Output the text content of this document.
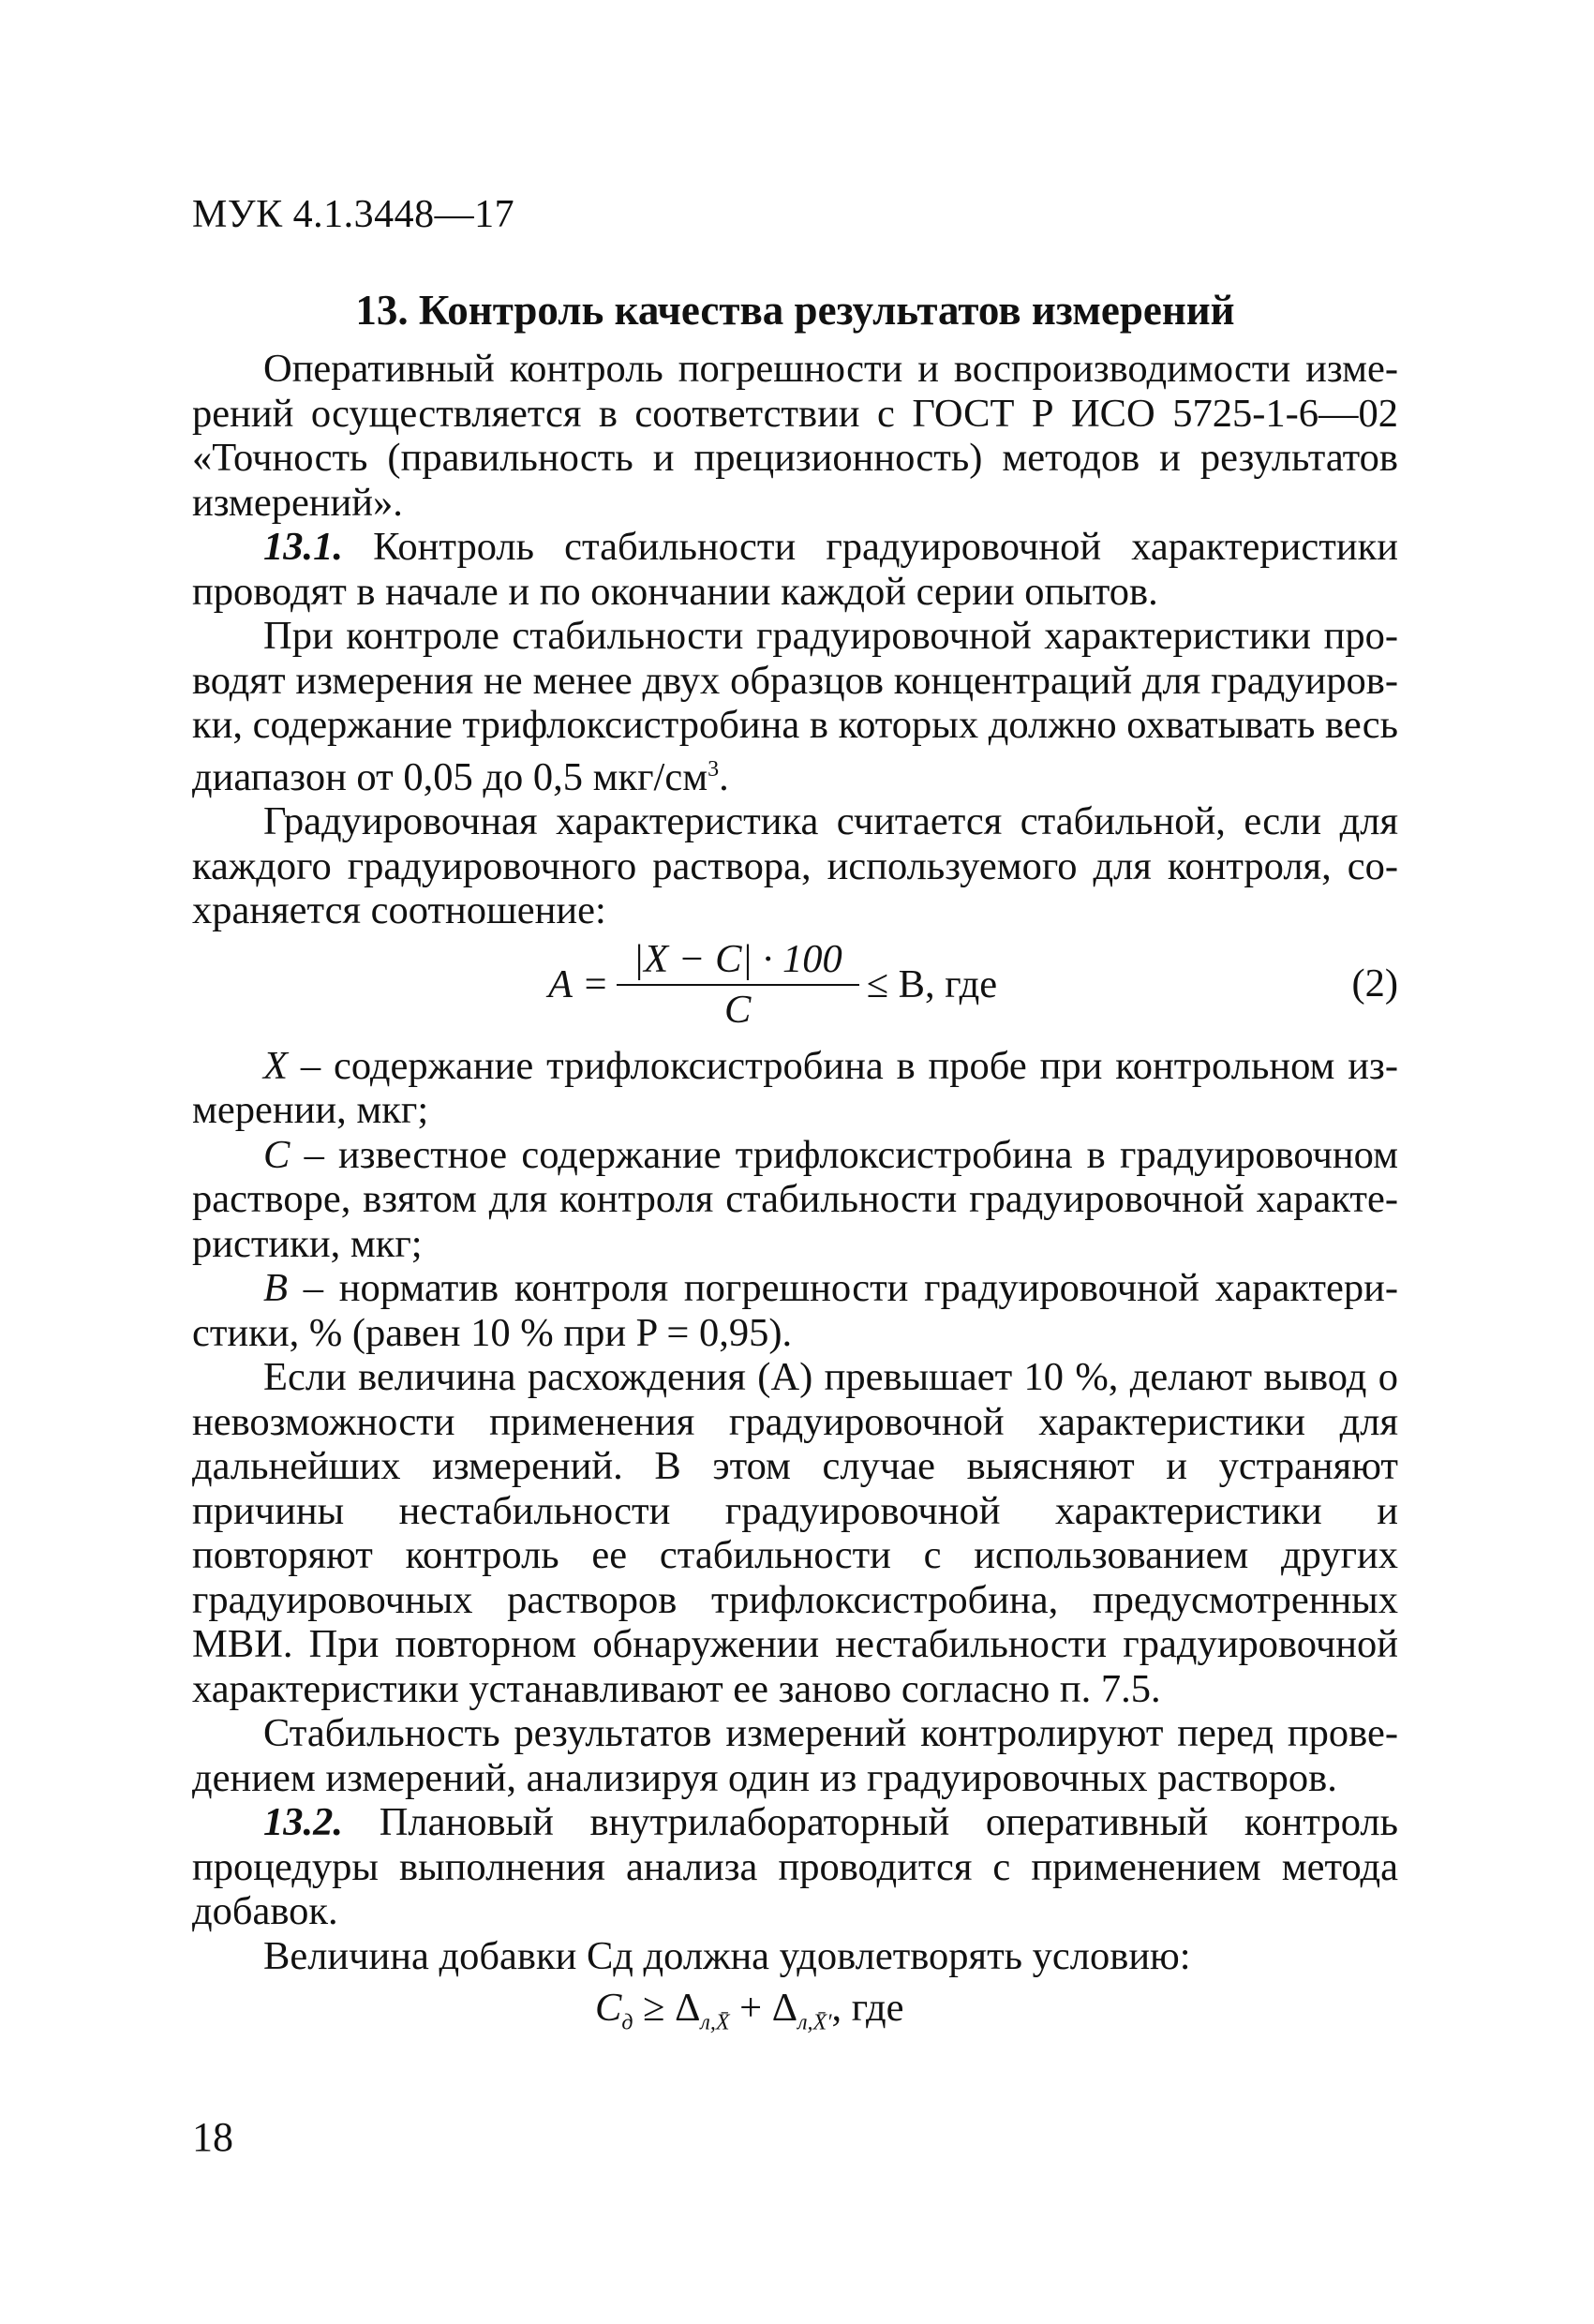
МУК 4.1.3448—17
13. Контроль качества результатов измерений

Оперативный контроль погрешности и воспроизводимости измерений осуществляется в соответствии с ГОСТ Р ИСО 5725-1-6—02 «Точность (правильность и прецизионность) методов и результатов измерений».

13.1. Контроль стабильности градуировочной характеристики проводят в начале и по окончании каждой серии опытов.

При контроле стабильности градуировочной характеристики проводят измерения не менее двух образцов концентраций для градуировки, содержание трифлоксистробина в которых должно охватывать весь диапазон от 0,05 до 0,5 мкг/$см^3$.

Градуировочная характеристика считается стабильной, если для каждого градуировочного раствора, используемого для контроля, сохраняется соотношение:

$A = \frac{|X - C| \cdot 100}{C} \le B$, где	(2)

X – содержание трифлоксистробина в пробе при контрольном измерении, мкг;

C – известное содержание трифлоксистробина в градуировочном растворе, взятом для контроля стабильности градуировочной характеристики, мкг;

B – норматив контроля погрешности градуировочной характеристики, % (равен 10 % при P = 0,95).

Если величина расхождения (A) превышает 10 %, делают вывод о невозможности применения градуировочной характеристики для дальнейших измерений. В этом случае выясняют и устраняют причины нестабильности градуировочной характеристики и повторяют контроль ее стабильности с использованием других градуировочных растворов трифлоксистробина, предусмотренных МВИ. При повторном обнаружении нестабильности градуировочной характеристики устанавливают ее заново согласно п. 7.5.

Стабильность результатов измерений контролируют перед проведением измерений, анализируя один из градуировочных растворов.

13.2. Плановый внутрилабораторный оперативный контроль процедуры выполнения анализа проводится с применением метода добавок.

Величина добавки Cд должна удовлетворять условию:

$C_д \ge \Delta_{л,X̄} + \Delta_{л,X̄'}$, где
18
